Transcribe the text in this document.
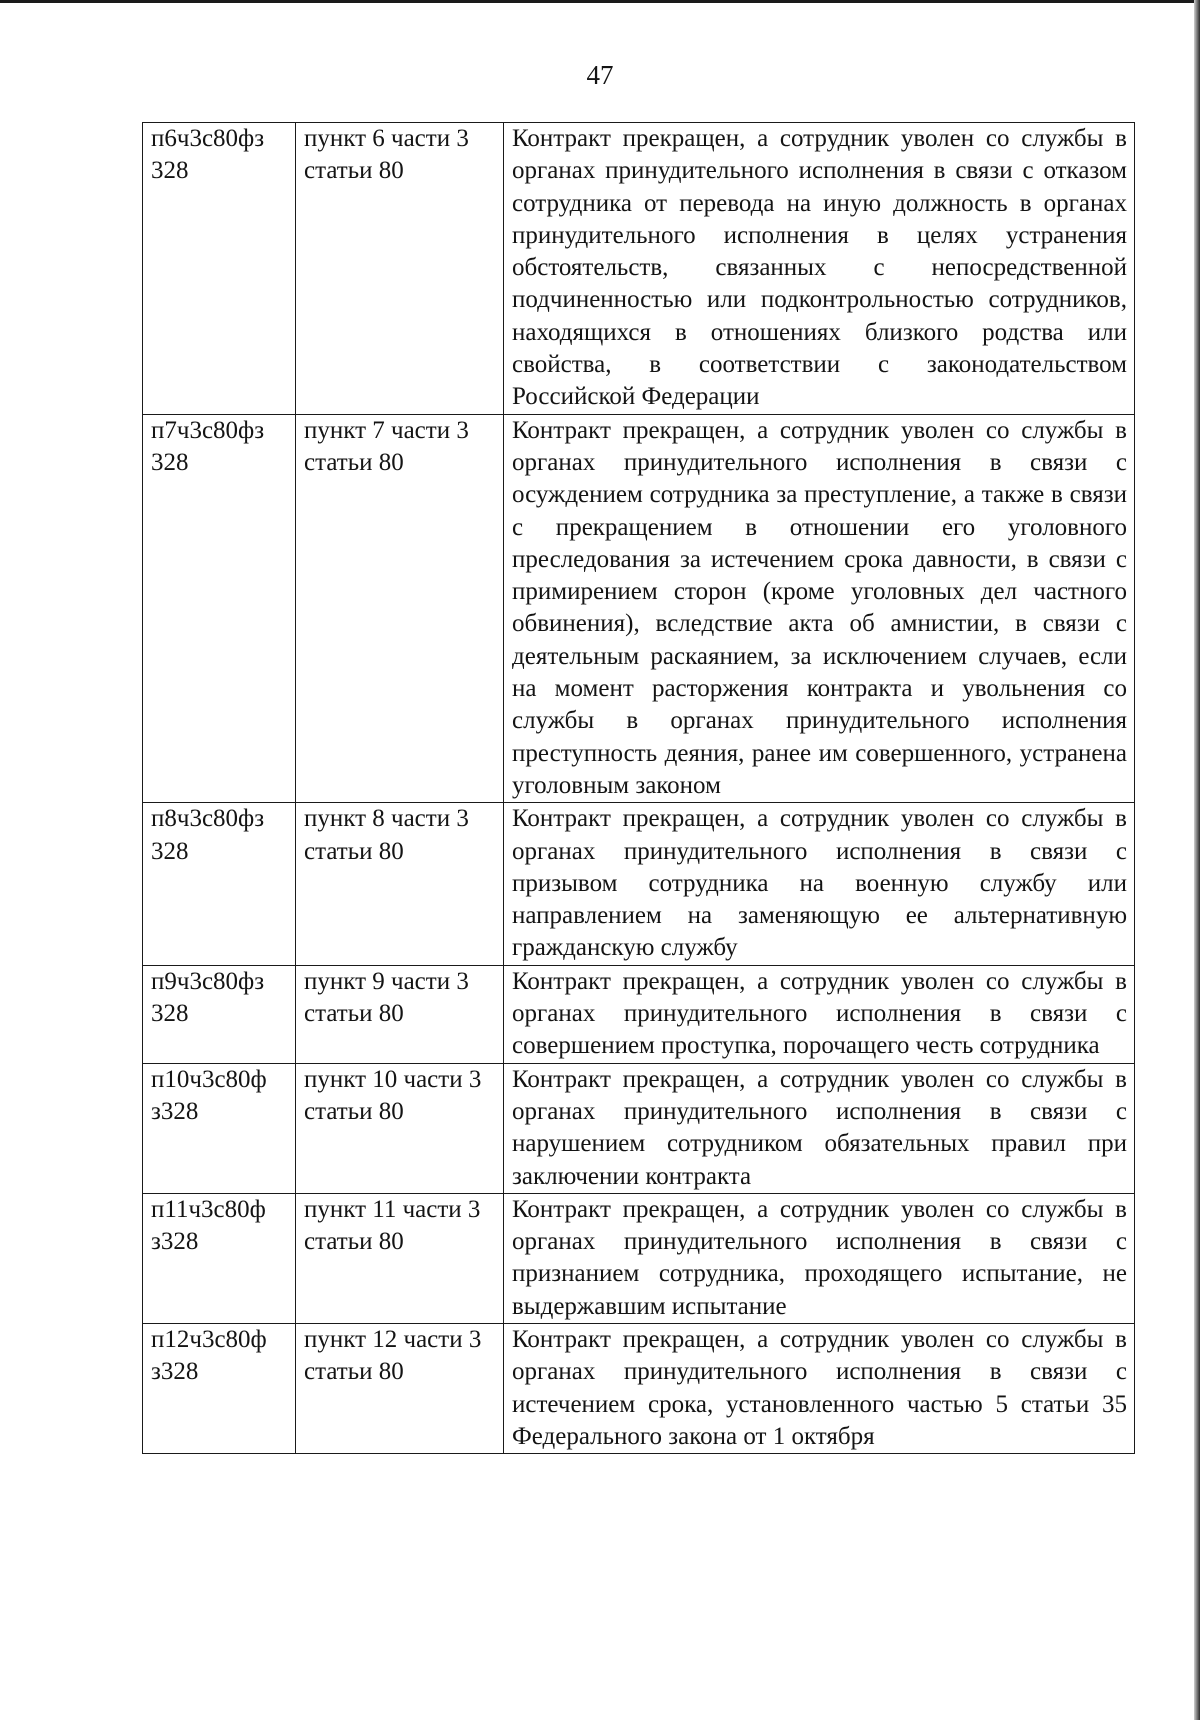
47
п6ч3с80фз 328	пункт 6 части 3 статьи 80	Контракт прекращен, а сотрудник уволен со службы в органах принудительного исполнения в связи с отказом сотрудника от перевода на иную должность в органах принудительного исполнения в целях устранения обстоятельств, связанных с непосредственной подчиненностью или подконтрольностью сотрудников, находящихся в отношениях близкого родства или свойства, в соответствии с законодательством Российской Федерации
п7ч3с80фз 328	пункт 7 части 3 статьи 80	Контракт прекращен, а сотрудник уволен со службы в органах принудительного исполнения в связи с осуждением сотрудника за преступление, а также в связи с прекращением в отношении его уголовного преследования за истечением срока давности, в связи с примирением сторон (кроме уголовных дел частного обвинения), вследствие акта об амнистии, в связи с деятельным раскаянием, за исключением случаев, если на момент расторжения контракта и увольнения со службы в органах принудительного исполнения преступность деяния, ранее им совершенного, устранена уголовным законом
п8ч3с80фз 328	пункт 8 части 3 статьи 80	Контракт прекращен, а сотрудник уволен со службы в органах принудительного исполнения в связи с призывом сотрудника на военную службу или направлением на заменяющую ее альтернативную гражданскую службу
п9ч3с80фз 328	пункт 9 части 3 статьи 80	Контракт прекращен, а сотрудник уволен со службы в органах принудительного исполнения в связи с совершением проступка, порочащего честь сотрудника
п10ч3с80ф з328	пункт 10 части 3 статьи 80	Контракт прекращен, а сотрудник уволен со службы в органах принудительного исполнения в связи с нарушением сотрудником обязательных правил при заключении контракта
п11ч3с80ф з328	пункт 11 части 3 статьи 80	Контракт прекращен, а сотрудник уволен со службы в органах принудительного исполнения в связи с признанием сотрудника, проходящего испытание, не выдержавшим испытание
п12ч3с80ф з328	пункт 12 части 3 статьи 80	Контракт прекращен, а сотрудник уволен со службы в органах принудительного исполнения в связи с истечением срока, установленного частью 5 статьи 35 Федерального закона от 1 октября
